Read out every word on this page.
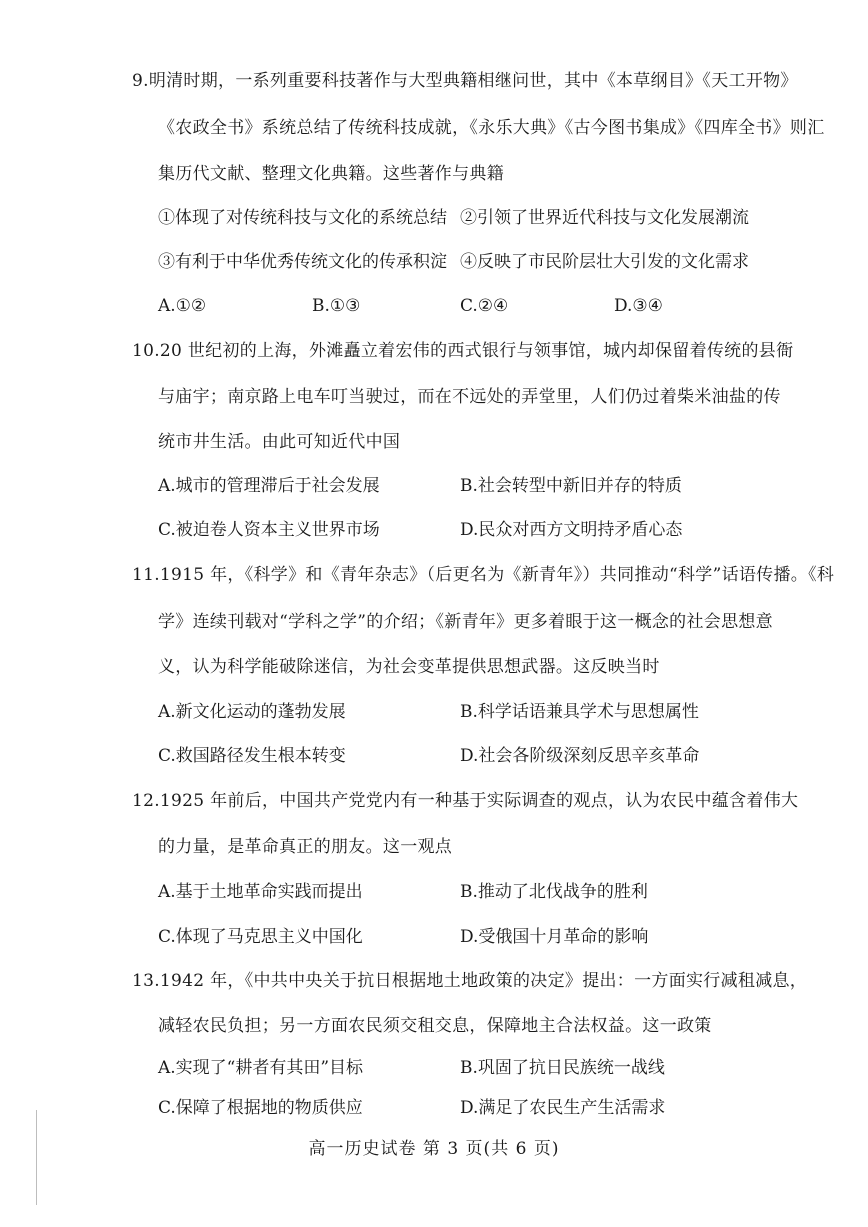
9.明清时期，一系列重要科技著作与大型典籍相继问世，其中《本草纲目》《天工开物》
《农政全书》系统总结了传统科技成就，《永乐大典》《古今图书集成》《四库全书》则汇
集历代文献、整理文化典籍。这些著作与典籍
①体现了对传统科技与文化的系统总结 ②引领了世界近代科技与文化发展潮流
③有利于中华优秀传统文化的传承积淀 ④反映了市民阶层壮大引发的文化需求
A.①②	B.①③	C.②④	D.③④
10.20 世纪初的上海，外滩矗立着宏伟的西式银行与领事馆，城内却保留着传统的县衙
与庙宇；南京路上电车叮当驶过，而在不远处的弄堂里，人们仍过着柴米油盐的传
统市井生活。由此可知近代中国
A.城市的管理滞后于社会发展	B.社会转型中新旧并存的特质
C.被迫卷人资本主义世界市场	D.民众对西方文明持矛盾心态
11.1915 年，《科学》和《青年杂志》（后更名为《新青年》）共同推动“科学”话语传播。《科
学》连续刊载对“学科之学”的介绍；《新青年》更多着眼于这一概念的社会思想意
义，认为科学能破除迷信，为社会变革提供思想武器。这反映当时
A.新文化运动的蓬勃发展	B.科学话语兼具学术与思想属性
C.救国路径发生根本转变	D.社会各阶级深刻反思辛亥革命
12.1925 年前后，中国共产党党内有一种基于实际调查的观点，认为农民中蕴含着伟大
的力量，是革命真正的朋友。这一观点
A.基于土地革命实践而提出	B.推动了北伐战争的胜利
C.体现了马克思主义中国化	D.受俄国十月革命的影响
13.1942 年，《中共中央关于抗日根据地土地政策的决定》提出：一方面实行减租减息，
减轻农民负担；另一方面农民须交租交息，保障地主合法权益。这一政策
A.实现了“耕者有其田”目标	B.巩固了抗日民族统一战线
C.保障了根据地的物质供应	D.满足了农民生产生活需求
高一历史试卷 第 3 页(共 6 页)
